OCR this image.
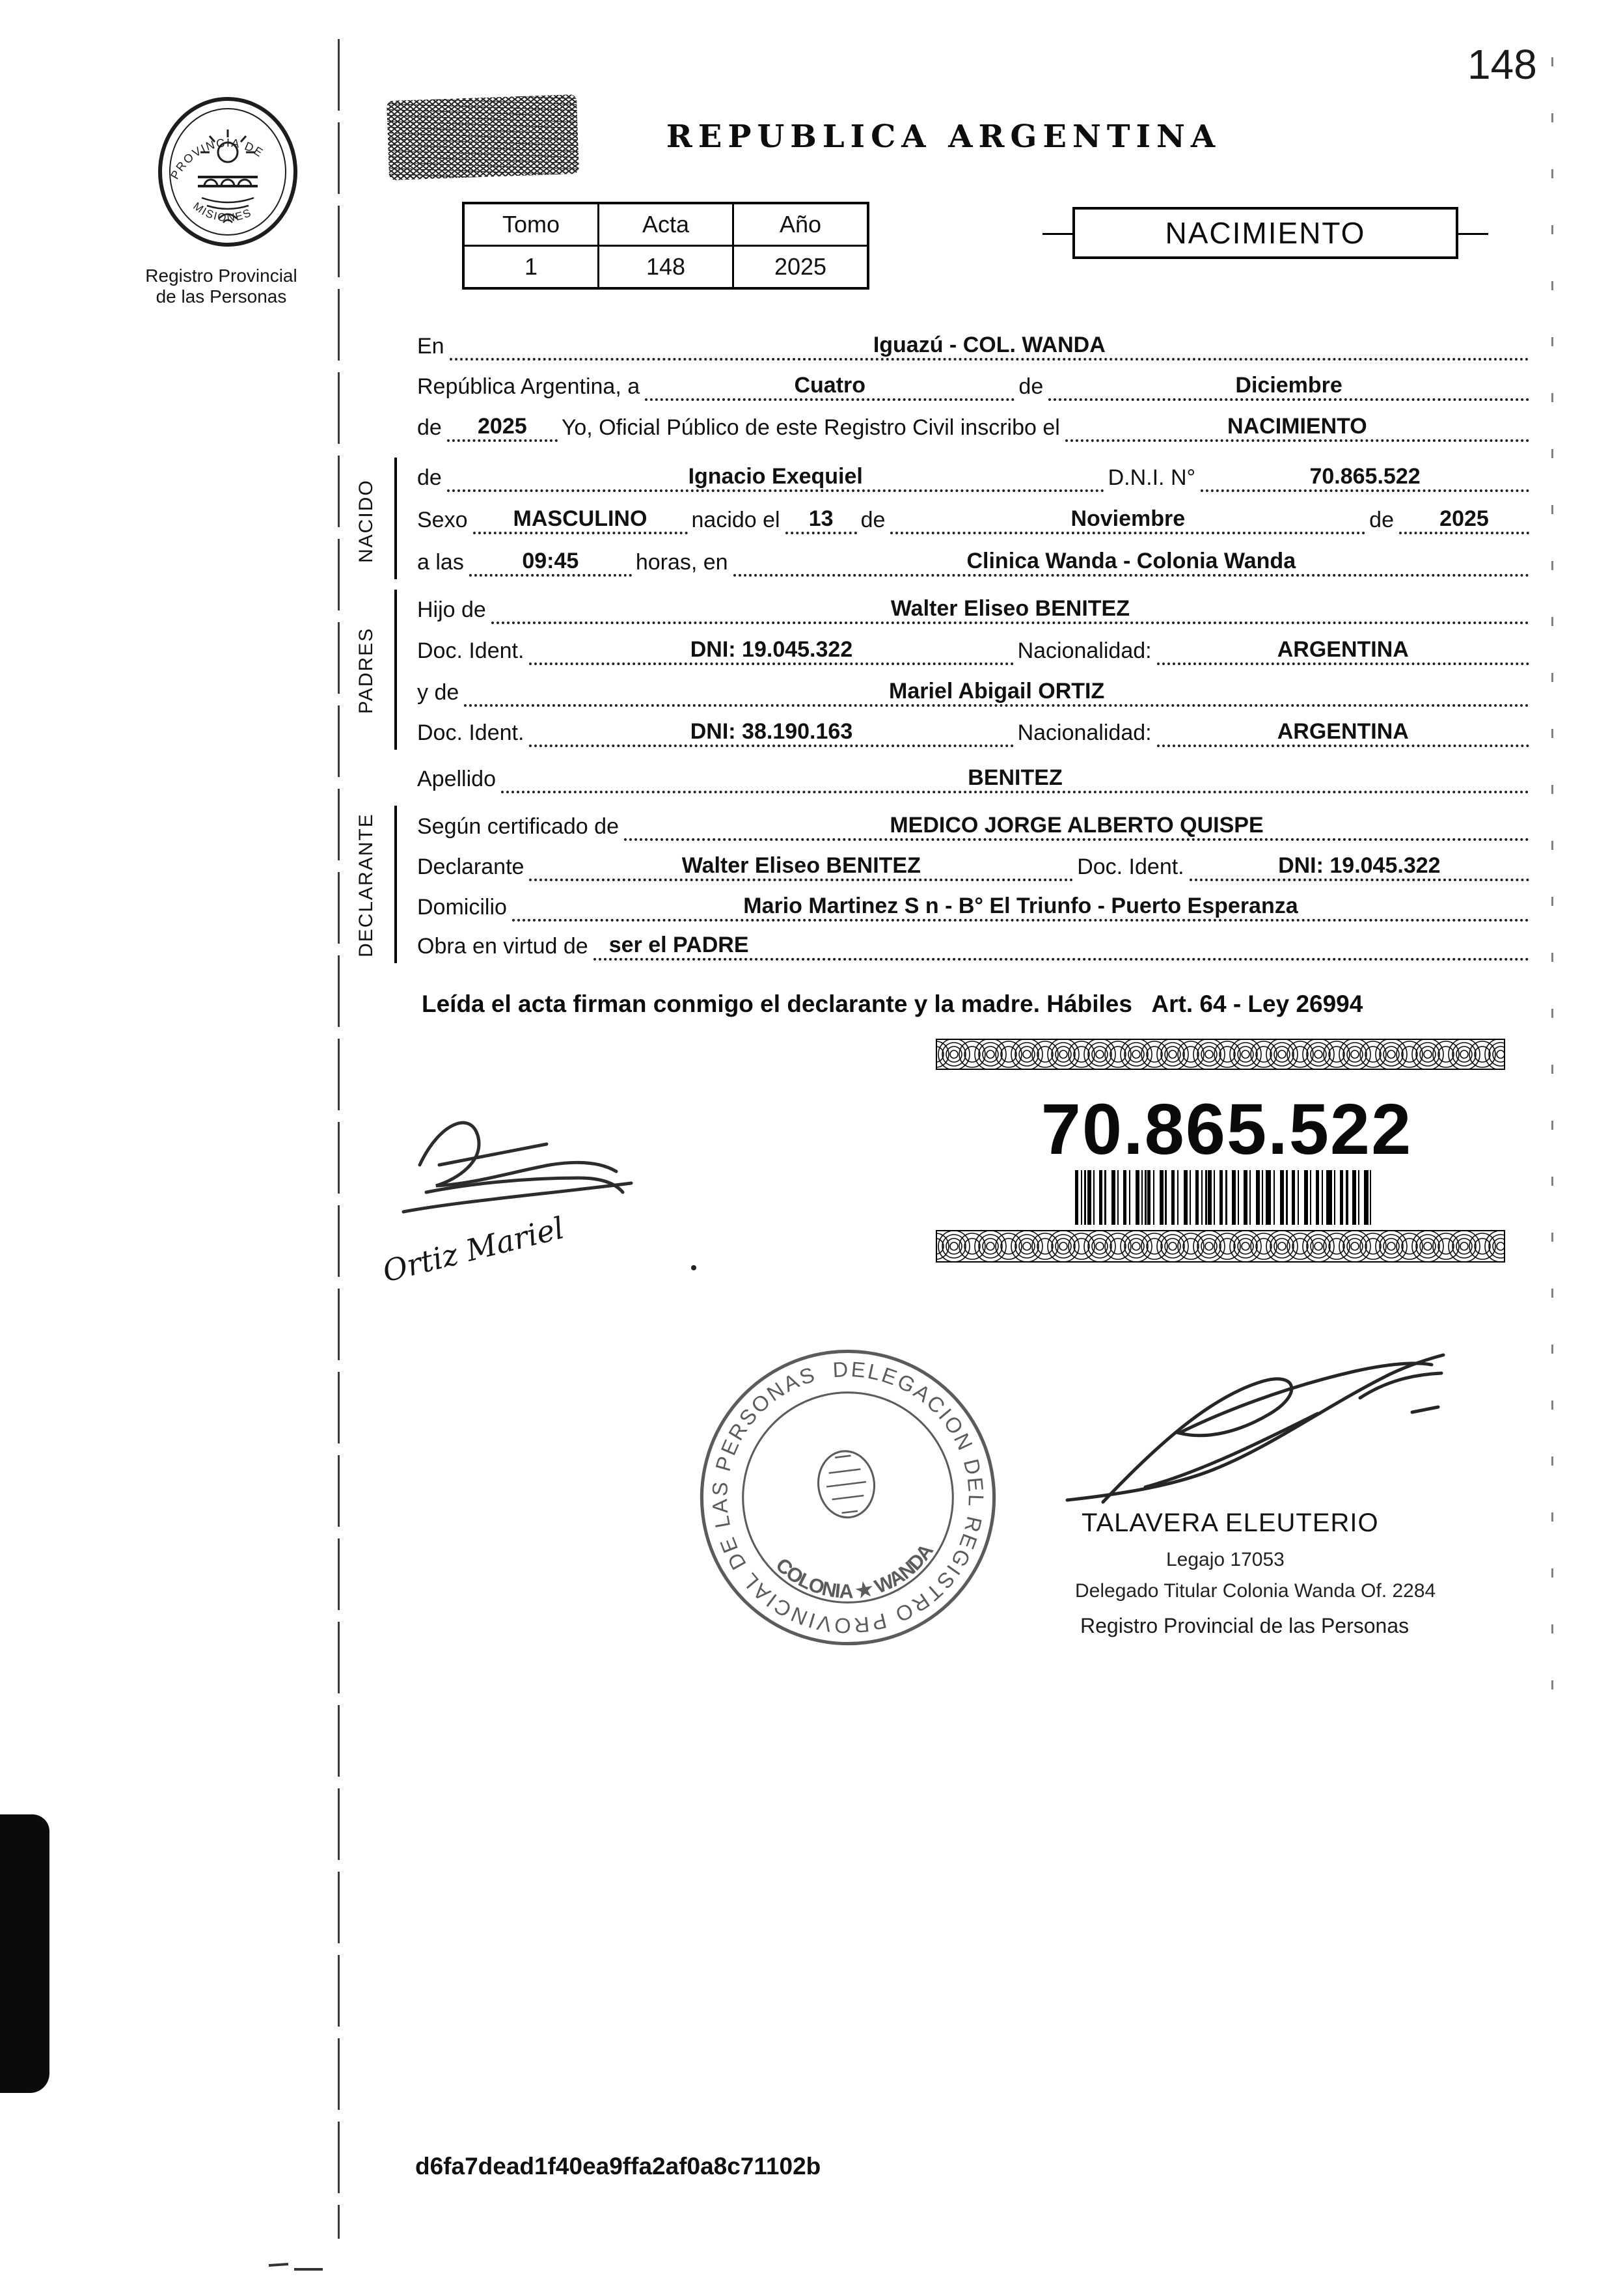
148
PROVINCIA DE
MISIONES
Registro Provincial
de las Personas
REPUBLICA ARGENTINA
Tomo	Acta	Año
1	148	2025
NACIMIENTO
En	Iguazú - COL. WANDA
República Argentina, a	Cuatro	de	Diciembre
de	2025	Yo, Oficial Público de este Registro Civil inscribo el	NACIMIENTO
de	Ignacio Exequiel	D.N.I. N°	70.865.522
Sexo	MASCULINO	nacido el	13	de	Noviembre	de	2025
a las	09:45	horas, en	Clinica Wanda - Colonia Wanda
Hijo de	Walter Eliseo BENITEZ
Doc. Ident.	DNI: 19.045.322	Nacionalidad:	ARGENTINA
y de	Mariel Abigail ORTIZ
Doc. Ident.	DNI: 38.190.163	Nacionalidad:	ARGENTINA
Apellido	BENITEZ
Según certificado de	MEDICO JORGE ALBERTO QUISPE
Declarante	Walter Eliseo BENITEZ	Doc. Ident.	DNI: 19.045.322
Domicilio	Mario Martinez S n - B° El Triunfo - Puerto Esperanza
Obra en virtud de ser el PADRE
NACIDO
PADRES
DECLARANTE
Leída el acta firman conmigo el declarante y la madre. Hábiles   Art. 64 - Ley 26994
70.865.522
Ortiz Mariel
DELEGACION DEL REGISTRO PROVINCIAL DE LAS PERSONAS
COLONIA ★ WANDA
TALAVERA ELEUTERIO
Legajo 17053
Delegado Titular Colonia Wanda Of. 2284
Registro Provincial de las Personas
d6fa7dead1f40ea9ffa2af0a8c71102b
